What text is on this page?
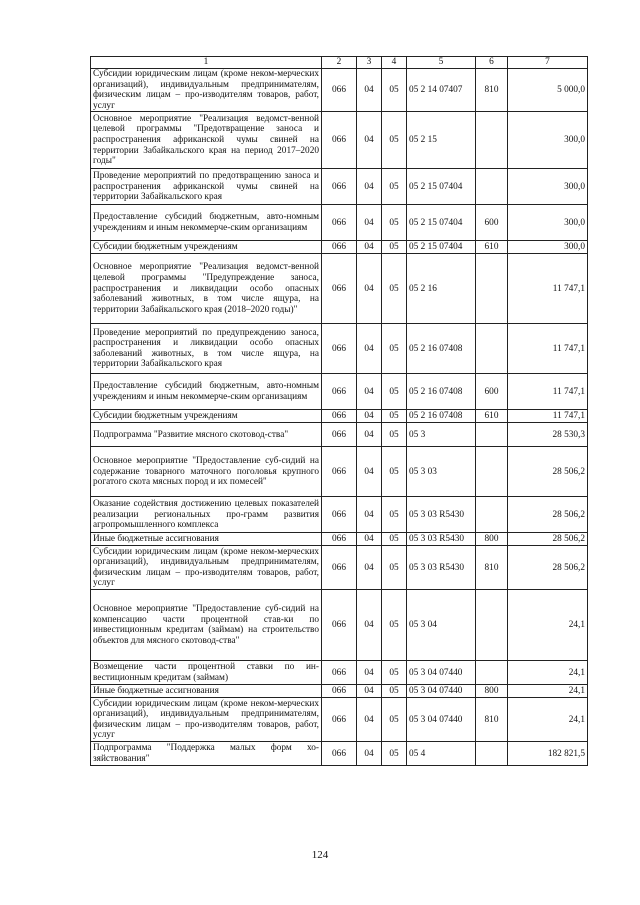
1	2	3	4	5	6	7
Субсидии юридическим лицам (кроме неком-мерческих организаций), индивидуальным предпринимателям, физическим лицам – про-изводителям товаров, работ, услуг	066	04	05	05 2 14 07407	810	5 000,0
Основное мероприятие "Реализация ведомст-венной целевой программы "Предотвращение заноса и распространения африканской чумы свиней на территории Забайкальского края на период 2017–2020 годы"	066	04	05	05 2 15		300,0
Проведение мероприятий по предотвращению заноса и распространения африканской чумы свиней на территории Забайкальского края	066	04	05	05 2 15 07404		300,0
Предоставление субсидий бюджетным, авто-номным учреждениям и иным некоммерче-ским организациям	066	04	05	05 2 15 07404	600	300,0
Субсидии бюджетным учреждениям	066	04	05	05 2 15 07404	610	300,0
Основное мероприятие "Реализация ведомст-венной целевой программы "Предупреждение заноса, распространения и ликвидации особо опасных заболеваний животных, в том числе ящура, на территории Забайкальского края (2018–2020 годы)"	066	04	05	05 2 16		11 747,1
Проведение мероприятий по предупреждению заноса, распространения и ликвидации особо опасных заболеваний животных, в том числе ящура, на территории Забайкальского края	066	04	05	05 2 16 07408		11 747,1
Предоставление субсидий бюджетным, авто-номным учреждениям и иным некоммерче-ским организациям	066	04	05	05 2 16 07408	600	11 747,1
Субсидии бюджетным учреждениям	066	04	05	05 2 16 07408	610	11 747,1
Подпрограмма "Развитие мясного скотовод-ства"	066	04	05	05 3		28 530,3
Основное мероприятие "Предоставление суб-сидий на содержание товарного маточного поголовья крупного рогатого скота мясных пород и их помесей"	066	04	05	05 3 03		28 506,2
Оказание содействия достижению целевых показателей реализации региональных про-грамм развития агропромышленного комплекса	066	04	05	05 3 03 R5430		28 506,2
Иные бюджетные ассигнования	066	04	05	05 3 03 R5430	800	28 506,2
Субсидии юридическим лицам (кроме неком-мерческих организаций), индивидуальным предпринимателям, физическим лицам – про-изводителям товаров, работ, услуг	066	04	05	05 3 03 R5430	810	28 506,2
Основное мероприятие "Предоставление суб-сидий на компенсацию части процентной став-ки по инвестиционным кредитам (займам) на строительство объектов для мясного скотовод-ства"	066	04	05	05 3 04		24,1
Возмещение части процентной ставки по ин-вестиционным кредитам (займам)	066	04	05	05 3 04 07440		24,1
Иные бюджетные ассигнования	066	04	05	05 3 04 07440	800	24,1
Субсидии юридическим лицам (кроме неком-мерческих организаций), индивидуальным предпринимателям, физическим лицам – про-изводителям товаров, работ, услуг	066	04	05	05 3 04 07440	810	24,1
Подпрограмма "Поддержка малых форм хо-зяйствования"	066	04	05	05 4		182 821,5
124
